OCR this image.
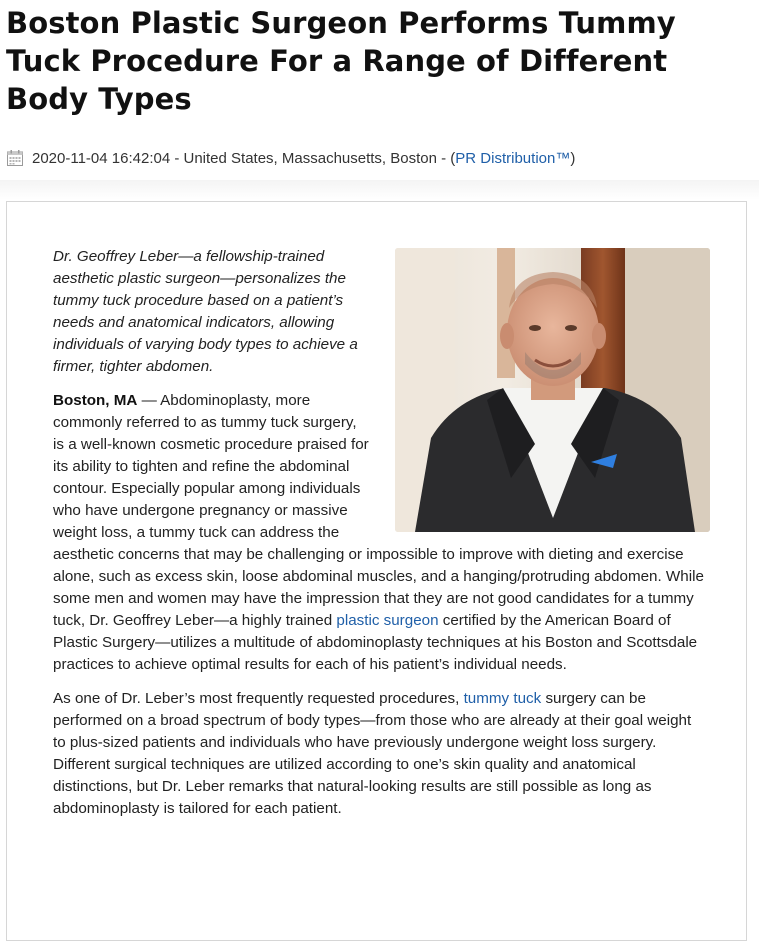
Boston Plastic Surgeon Performs Tummy Tuck Procedure For a Range of Different Body Types
2020-11-04 16:42:04 - United States, Massachusetts, Boston - ( PR Distribution™ )

Dr. Geoffrey Leber—a fellowship-trained aesthetic plastic surgeon—personalizes the tummy tuck procedure based on a patient’s needs and anatomical indicators, allowing individuals of varying body types to achieve a firmer, tighter abdomen.

Boston, MA — Abdominoplasty, more commonly referred to as tummy tuck surgery, is a well-known cosmetic procedure praised for its ability to tighten and refine the abdominal contour. Especially popular among individuals who have undergone pregnancy or massive weight loss, a tummy tuck can address the aesthetic concerns that may be challenging or impossible to improve with dieting and exercise alone, such as excess skin, loose abdominal muscles, and a hanging/protruding abdomen. While some men and women may have the impression that they are not good candidates for a tummy tuck, Dr. Geoffrey Leber—a highly trained plastic surgeon certified by the American Board of Plastic Surgery—utilizes a multitude of abdominoplasty techniques at his Boston and Scottsdale practices to achieve optimal results for each of his patient’s individual needs.

As one of Dr. Leber’s most frequently requested procedures, tummy tuck surgery can be performed on a broad spectrum of body types—from those who are already at their goal weight to plus-sized patients and individuals who have previously undergone weight loss surgery. Different surgical techniques are utilized according to one’s skin quality and anatomical distinctions, but Dr. Leber remarks that natural-looking results are still possible as long as abdominoplasty is tailored for each patient.
